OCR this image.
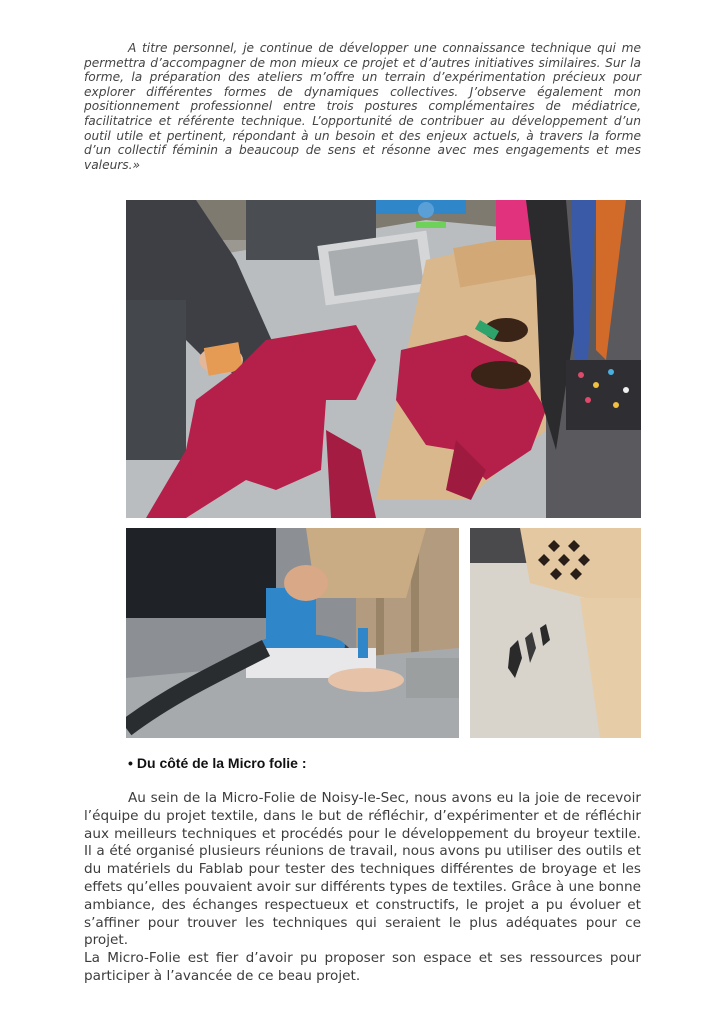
A titre personnel, je continue de développer une connaissance technique qui me permettra d’accompagner de mon mieux ce projet et d’autres initiatives similaires. Sur la forme, la préparation des ateliers m’offre un terrain d’expérimentation précieux pour explorer différentes formes de dynamiques collectives. J’observe également mon positionnement professionnel entre trois postures complémentaires de médiatrice, facilitatrice et référente technique. L’opportunité de contribuer au développement d’un outil utile et pertinent, répondant à un besoin et des enjeux actuels, à travers la forme d’un collectif féminin a beaucoup de sens et résonne avec mes engagements et mes valeurs.»

• Du côté de la Micro folie :

Au sein de la Micro-Folie de Noisy-le-Sec, nous avons eu la joie de recevoir l’équipe du projet textile, dans le but de réfléchir, d’expérimenter et de réfléchir aux meilleurs techniques et procédés pour le développement du broyeur textile. Il a été organisé plusieurs réunions de travail, nous avons pu utiliser des outils et du matériels du Fablab pour tester des techniques différentes de broyage et les effets qu’elles pouvaient avoir sur différents types de textiles. Grâce à une bonne ambiance, des échanges respectueux et constructifs, le projet a pu évoluer et s’affiner pour trouver les techniques qui seraient le plus adéquates pour ce projet.

La Micro-Folie est fier d’avoir pu proposer son espace et ses ressources pour participer à l’avancée de ce beau projet.
